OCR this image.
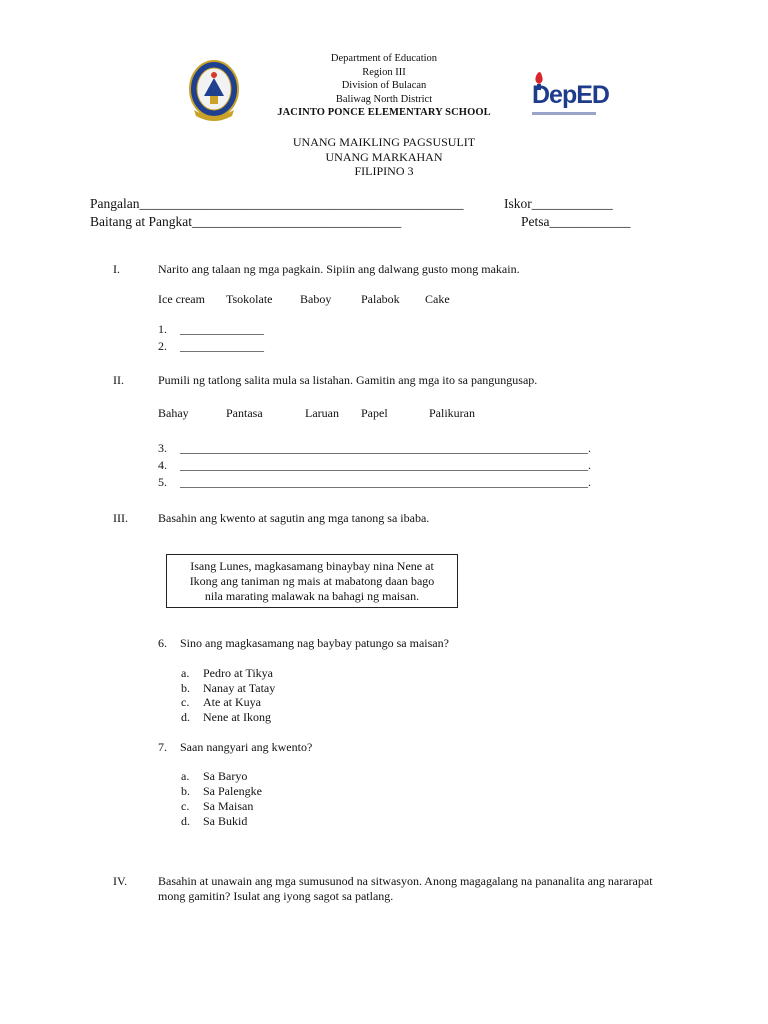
DepED
Department of Education
Region III
Division of Bulacan
Baliwag North District
JACINTO PONCE ELEMENTARY SCHOOL
UNANG MAIKLING PAGSUSULIT
UNANG MARKAHAN
FILIPINO 3
Pangalan________________________________________________	Iskor____________
Baitang at Pangkat_______________________________	Petsa____________
I.	Narito ang talaan ng mga pagkain. Sipiin ang dalwang gusto mong makain.
Ice cream Tsokolate Baboy Palabok Cake
1. ______________
2. ______________
II.	Pumili ng tatlong salita mula sa listahan. Gamitin ang mga ito sa pangungusap.
Bahay	Pantasa	Laruan Papel	Palikuran
3. ____________________________________________________________________.
4. ____________________________________________________________________.
5. ____________________________________________________________________.
III.	Basahin ang kwento at sagutin ang mga tanong sa ibaba.
Isang Lunes, magkasamang binaybay nina Nene at
Ikong ang taniman ng mais at mabatong daan bago
nila marating malawak na bahagi ng maisan.
6. Sino ang magkasamang nag baybay patungo sa maisan?
a. Pedro at Tikya
b. Nanay at Tatay
c. Ate at Kuya
d. Nene at Ikong
7. Saan nangyari ang kwento?
a. Sa Baryo
b. Sa Palengke
c. Sa Maisan
d. Sa Bukid
IV.	Basahin at unawain ang mga sumusunod na sitwasyon. Anong magagalang na pananalita ang nararapat
mong gamitin? Isulat ang iyong sagot sa patlang.
